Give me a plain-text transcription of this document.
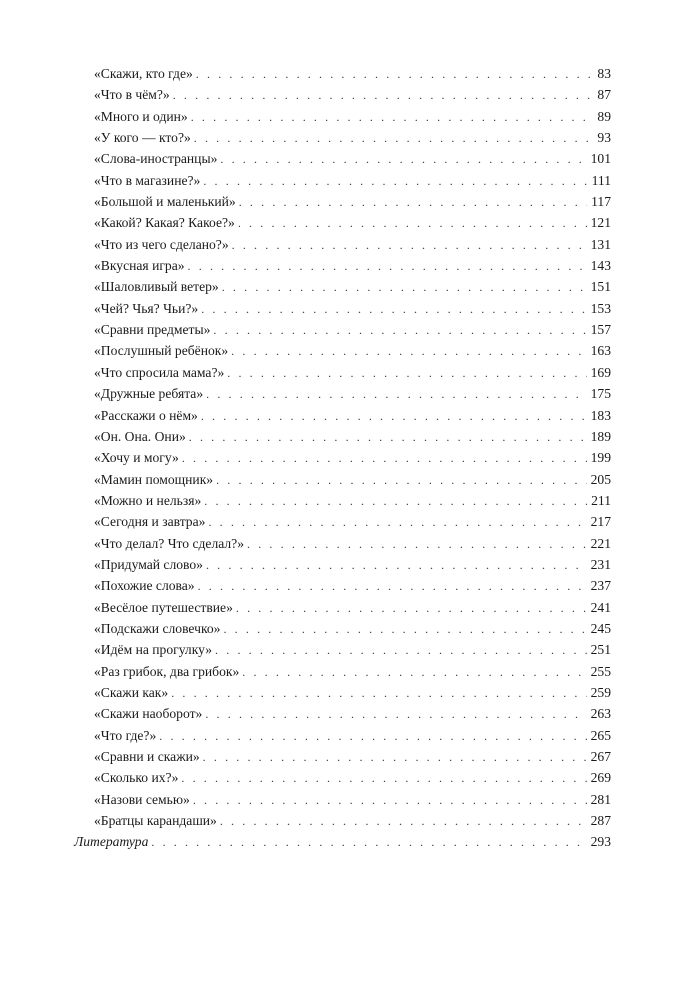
«Скажи, кто где» . . .	83
«Что в чём?» . . .	87
«Много и один» . . .	89
«У кого — кто?» . . .	93
«Слова-иностранцы» . . .	101
«Что в магазине?» . . .	111
«Большой и маленький» . . .	117
«Какой? Какая? Какое?» . . .	121
«Что из чего сделано?» . . .	131
«Вкусная игра» . . .	143
«Шаловливый ветер» . . .	151
«Чей? Чья? Чьи?» . . .	153
«Сравни предметы» . . .	157
«Послушный ребёнок» . . .	163
«Что спросила мама?» . . .	169
«Дружные ребята» . . .	175
«Расскажи о нём» . . .	183
«Он. Она. Они» . . .	189
«Хочу и могу» . . .	199
«Мамин помощник» . . .	205
«Можно и нельзя» . . .	211
«Сегодня и завтра» . . .	217
«Что делал? Что сделал?» . . .	221
«Придумай слово» . . .	231
«Похожие слова» . . .	237
«Весёлое путешествие» . . .	241
«Подскажи словечко» . . .	245
«Идём на прогулку» . . .	251
«Раз грибок, два грибок» . . .	255
«Скажи как» . . .	259
«Скажи наоборот» . . .	263
«Что где?» . . .	265
«Сравни и скажи» . . .	267
«Сколько их?» . . .	269
«Назови семью» . . .	281
«Братцы карандаши» . . .	287
Литература . . .	293
